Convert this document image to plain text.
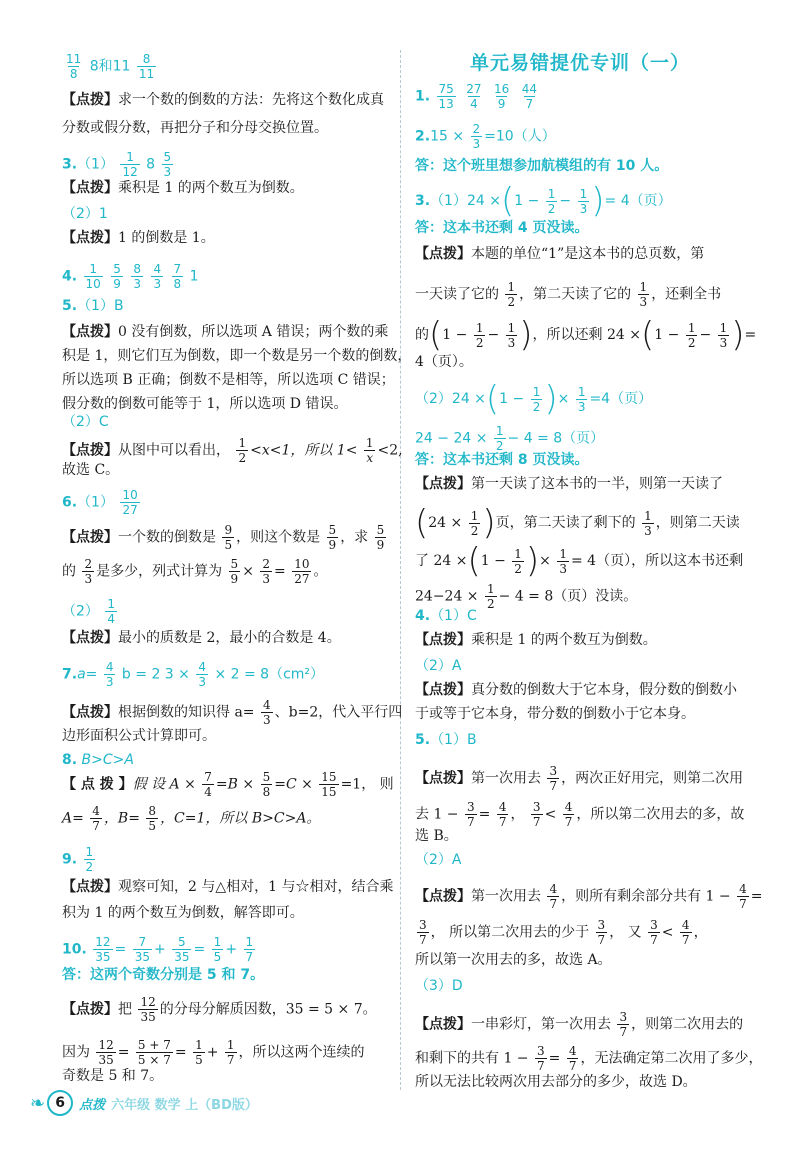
单元易错提优专训（一）
$\frac{11}{8} 8$和$11 \frac{8}{11}$
【点拨】求一个数的倒数的方法：先将这个数化成真
分数或假分数，再把分子和分母交换位置。
$3.(1) \frac{1}{12} 8 \frac{5}{3}$
【点拨】乘积是 1 的两个数互为倒数。
（2）1
【点拨】1 的倒数是 1。
4. $\frac{1}{10}$
$\frac{5}{9}$
$\frac{8}{3}$
$\frac{4}{3}$
$\frac{7}{8} 1$
5.（1）B
【点拨】0 没有倒数，所以选项 A 错误；两个数的乘
积是 1，则它们互为倒数，即一个数是另一个数的倒数，
所以选项 B 正确；倒数不是相等，所以选项 C 错误；
假分数的倒数可能等于 1，所以选项 D 错误。
（2）C
【点拨】从图中可以看出， $\frac{1}{2} <x<1$，所以 $1< \frac{1}{x} <2$,
故选 C。
$6.(1) \frac{10}{27}$
【点拨】一个数的倒数是 $\frac{9}{5}$ ，则这个数是 $\frac{5}{9}$ ，求 $\frac{5}{9}$
的 $\frac{2}{3}$ 是多少，列式计算为 $\frac{5}{9} \times \frac{2}{3} = \frac{10}{27}$ 。
$(2) \frac{1}{4}$
【点拨】最小的质数是 2，最小的合数是 4。
$7.a= \frac{4}{3}$ b = 2 $3 \times \frac{4}{3} \times 2 = 8(cm^2)$
【点拨】根据倒数的知识得 $a= \frac{4}{3}$ 、b=2，代入平行四
边形面积公式计算即可。
8. B>C>A
【 点 拨 】假 设 $A \times \frac{7}{4} =B \times \frac{5}{8} =C \times \frac{15}{15} =1$， 则
$A= \frac{4}{7}$ ，$B= \frac{8}{5}$ ，C=1，所以 B>C>A。
9. $\frac{1}{2}$
【点拨】观察可知，2 与△相对，1 与☆相对，结合乘
积为 1 的两个数互为倒数，解答即可。
10. $\frac{12}{35} = \frac{7}{35} + \frac{5}{35} = \frac{1}{5} + \frac{1}{7}$
答：这两个奇数分别是 5 和 7。
【点拨】把 $\frac{12}{35}$ 的分母分解质因数，35 = 5 × 7。
因为 $\frac{12}{35} = \frac{5 + 7}{5 \times 7} = \frac{1}{5} + \frac{1}{7}$ ，所以这两个连续的
奇数是 5 和 7。
1. $\frac{75}{13}$
$\frac{27}{4}$
$\frac{16}{9}$
$\frac{44}{7}$
$2.15 \times \frac{2}{3} =10$（人）
答：这个班里想参加航模组的有 10 人。
$3.(1)24 \times(1 - \frac{1}{2} - \frac{1}{3}$ )= 4（页）
答：这本书还剩 4 页没读。
【点拨】本题的单位“1”是这本书的总页数，第
一天读了它的 $\frac{1}{2}$ ，第二天读了它的 $\frac{1}{3}$ ，还剩全书
的($1 - \frac{1}{2} - \frac{1}{3}$ )，所以还剩 $24 \times(1 - \frac{1}{2} - \frac{1}{3}$ )=
4（页）。
$(2)24 \times(1 - \frac{1}{2}$ )× $\frac{1}{3} =4$（页）
$24 - 24 \times \frac{1}{2} - 4 = 8$（页）
答：这本书还剩 8 页没读。
【点拨】第一天读了这本书的一半，则第一天读了
($24 \times \frac{1}{2}$ )页，第二天读了剩下的 $\frac{1}{3}$ ，则第二天读
了 $24 \times(1 - \frac{1}{2}$ )× $\frac{1}{3} = 4$（页），所以这本书还剩
$24-24 \times \frac{1}{2} - 4 = 8$（页）没读。
4.（1）C
【点拨】乘积是 1 的两个数互为倒数。
（2）A
【点拨】真分数的倒数大于它本身，假分数的倒数小
于或等于它本身，带分数的倒数小于它本身。
5.（1）B
【点拨】第一次用去 $\frac{3}{7}$ ，两次正好用完，则第二次用
去 $1 - \frac{3}{7} = \frac{4}{7}$ ， $\frac{3}{7} < \frac{4}{7}$ ，所以第二次用去的多，故
选 B。
（2）A
【点拨】第一次用去 $\frac{4}{7}$ ，则所有剩余部分共有 $1 - \frac{4}{7}$ =
$\frac{3}{7}$ ， 所以第二次用去的少于 $\frac{3}{7}$ ， 又 $\frac{3}{7} < \frac{4}{7}$ ，
所以第一次用去的多，故选 A。
（3）D
【点拨】一串彩灯，第一次用去 $\frac{3}{7}$ ，则第二次用去的
和剩下的共有 $1 - \frac{3}{7} = \frac{4}{7}$ ，无法确定第二次用了多少，
所以无法比较两次用去部分的多少，故选 D。
❧ 6	点拨 六年级 数学 上（BD版）
